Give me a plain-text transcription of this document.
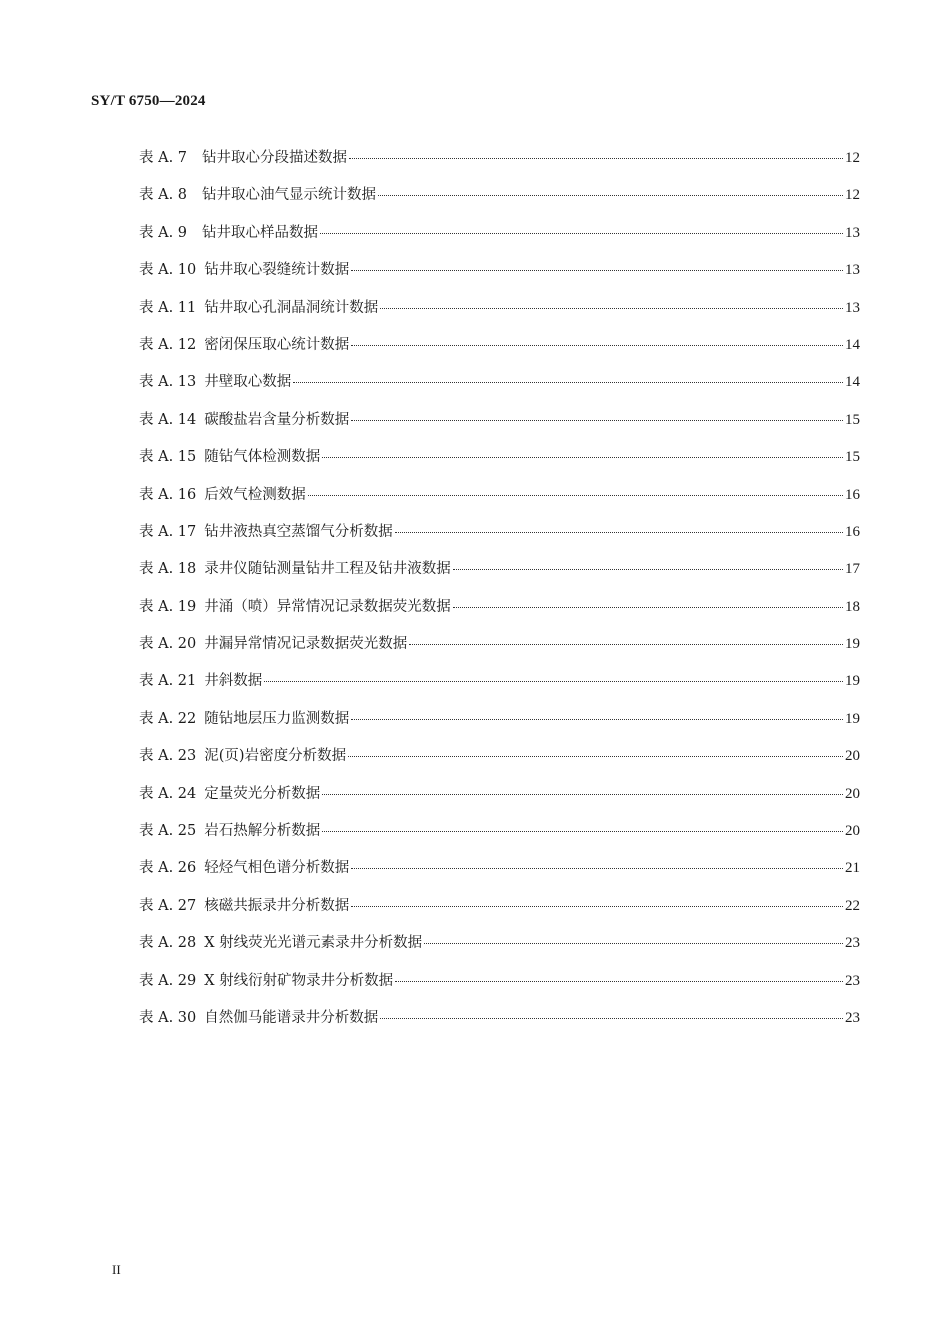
SY/T 6750—2024
表 A. 7	钻井取心分段描述数据	12
表 A. 8	钻井取心油气显示统计数据	12
表 A. 9	钻井取心样品数据	13
表 A. 10 钻井取心裂缝统计数据	13
表 A. 11 钻井取心孔洞晶洞统计数据	13
表 A. 12 密闭保压取心统计数据	14
表 A. 13 井壁取心数据	14
表 A. 14 碳酸盐岩含量分析数据	15
表 A. 15 随钻气体检测数据	15
表 A. 16 后效气检测数据	16
表 A. 17 钻井液热真空蒸馏气分析数据	16
表 A. 18 录井仪随钻测量钻井工程及钻井液数据	17
表 A. 19 井涌（喷）异常情况记录数据荧光数据	18
表 A. 20 井漏异常情况记录数据荧光数据	19
表 A. 21 井斜数据	19
表 A. 22 随钻地层压力监测数据	19
表 A. 23 泥(页)岩密度分析数据	20
表 A. 24 定量荧光分析数据	20
表 A. 25 岩石热解分析数据	20
表 A. 26 轻烃气相色谱分析数据	21
表 A. 27 核磁共振录井分析数据	22
表 A. 28 X 射线荧光光谱元素录井分析数据	23
表 A. 29 X 射线衍射矿物录井分析数据	23
表 A. 30 自然伽马能谱录井分析数据	23
II
